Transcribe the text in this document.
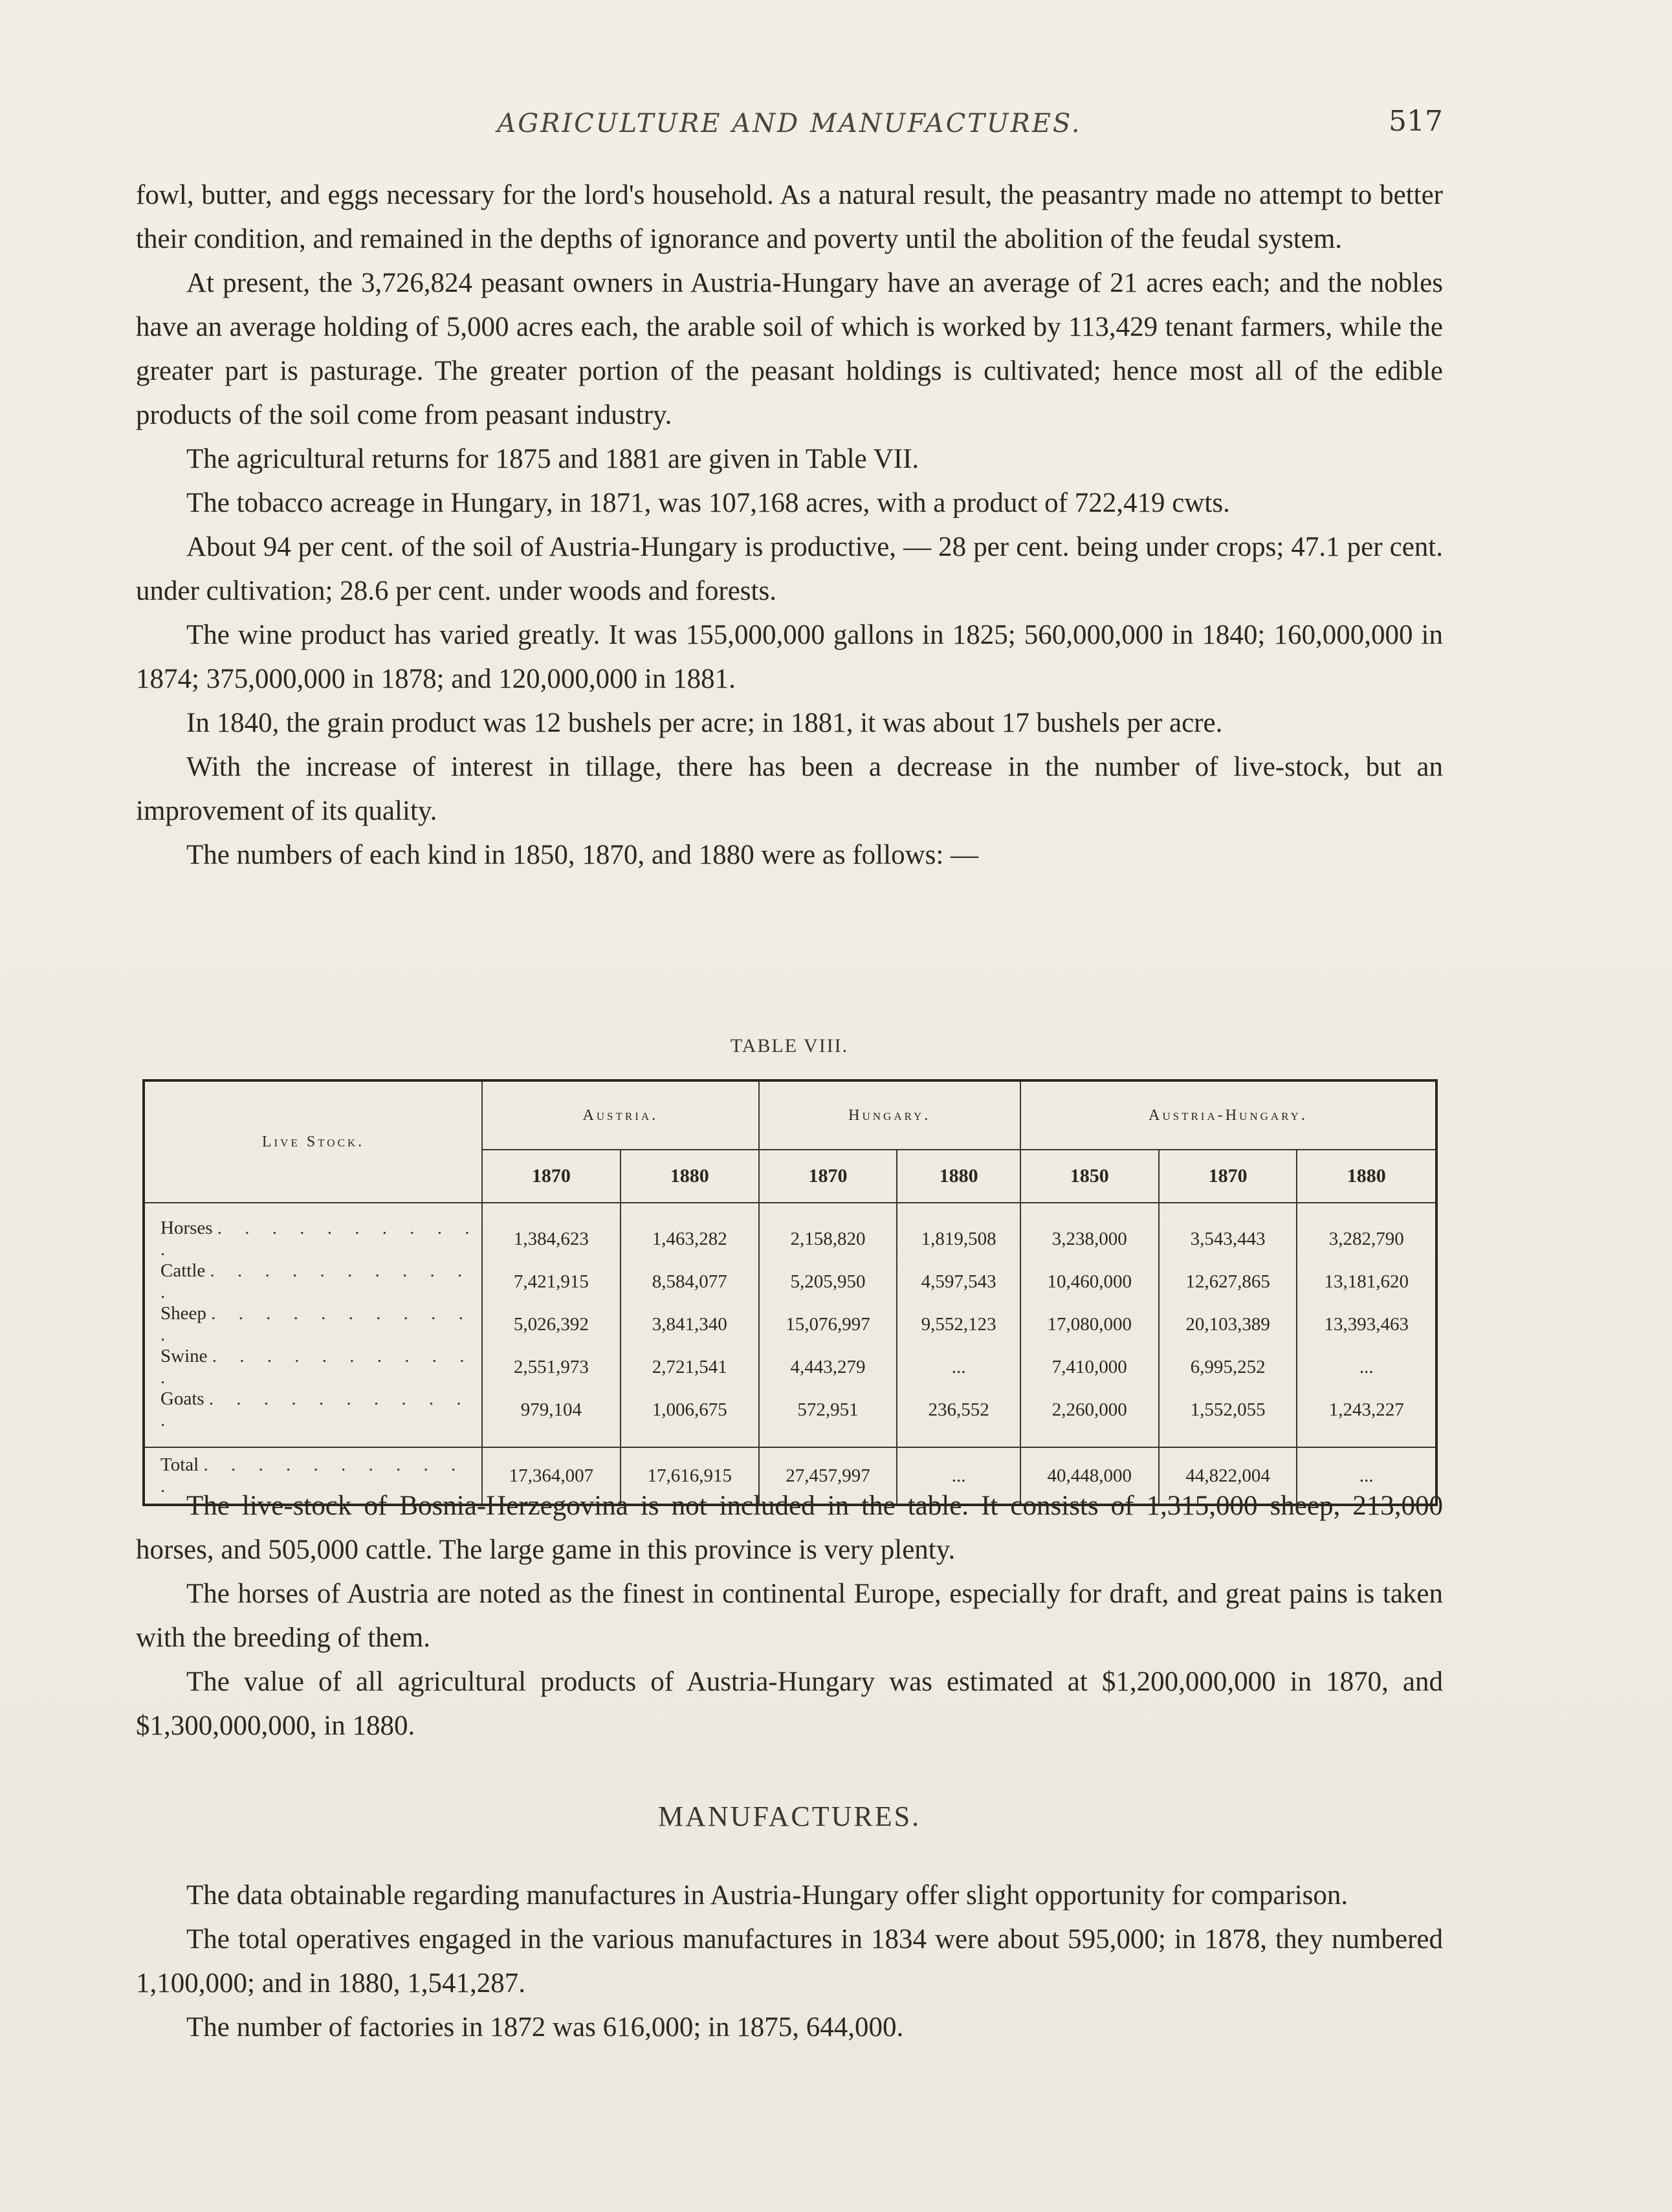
AGRICULTURE AND MANUFACTURES.	517

fowl, butter, and eggs necessary for the lord's household. As a natural result, the peasantry made no attempt to better their condition, and remained in the depths of ignorance and poverty until the abolition of the feudal system.

At present, the 3,726,824 peasant owners in Austria-Hungary have an average of 21 acres each; and the nobles have an average holding of 5,000 acres each, the arable soil of which is worked by 113,429 tenant farmers, while the greater part is pasturage. The greater portion of the peasant holdings is cultivated; hence most all of the edible products of the soil come from peasant industry.

The agricultural returns for 1875 and 1881 are given in Table VII.

The tobacco acreage in Hungary, in 1871, was 107,168 acres, with a product of 722,419 cwts.

About 94 per cent. of the soil of Austria-Hungary is productive, — 28 per cent. being under crops; 47.1 per cent. under cultivation; 28.6 per cent. under woods and forests.

The wine product has varied greatly. It was 155,000,000 gallons in 1825; 560,000,000 in 1840; 160,000,000 in 1874; 375,000,000 in 1878; and 120,000,000 in 1881.

In 1840, the grain product was 12 bushels per acre; in 1881, it was about 17 bushels per acre.

With the increase of interest in tillage, there has been a decrease in the number of live-stock, but an improvement of its quality.

The numbers of each kind in 1850, 1870, and 1880 were as follows: —

TABLE VIII.
Live Stock.	Austria.		Hungary.		Austria-Hungary.		
	1870	1880	1870	1880	1850	1870	1880

Horses . . . . . . . . . . .	1,384,623	1,463,282	2,158,820	1,819,508	3,238,000	3,543,443	3,282,790
Cattle . . . . . . . . . . .	7,421,915	8,584,077	5,205,950	4,597,543	10,460,000	12,627,865	13,181,620
Sheep . . . . . . . . . . .	5,026,392	3,841,340	15,076,997	9,552,123	17,080,000	20,103,389	13,393,463
Swine . . . . . . . . . . .	2,551,973	2,721,541	4,443,279	...	7,410,000	6,995,252	...
Goats . . . . . . . . . . .	979,104	1,006,675	572,951	236,552	2,260,000	1,552,055	1,243,227

Total . . . . . . . . . . .	17,364,007	17,616,915	27,457,997	...	40,448,000	44,822,004	...

The live-stock of Bosnia-Herzegovina is not included in the table. It consists of 1,315,000 sheep, 213,000 horses, and 505,000 cattle. The large game in this province is very plenty.

The horses of Austria are noted as the finest in continental Europe, especially for draft, and great pains is taken with the breeding of them.

The value of all agricultural products of Austria-Hungary was estimated at $1,200,000,000 in 1870, and $1,300,000,000, in 1880.

MANUFACTURES.

The data obtainable regarding manufactures in Austria-Hungary offer slight opportunity for comparison.

The total operatives engaged in the various manufactures in 1834 were about 595,000; in 1878, they numbered 1,100,000; and in 1880, 1,541,287.

The number of factories in 1872 was 616,000; in 1875, 644,000.
